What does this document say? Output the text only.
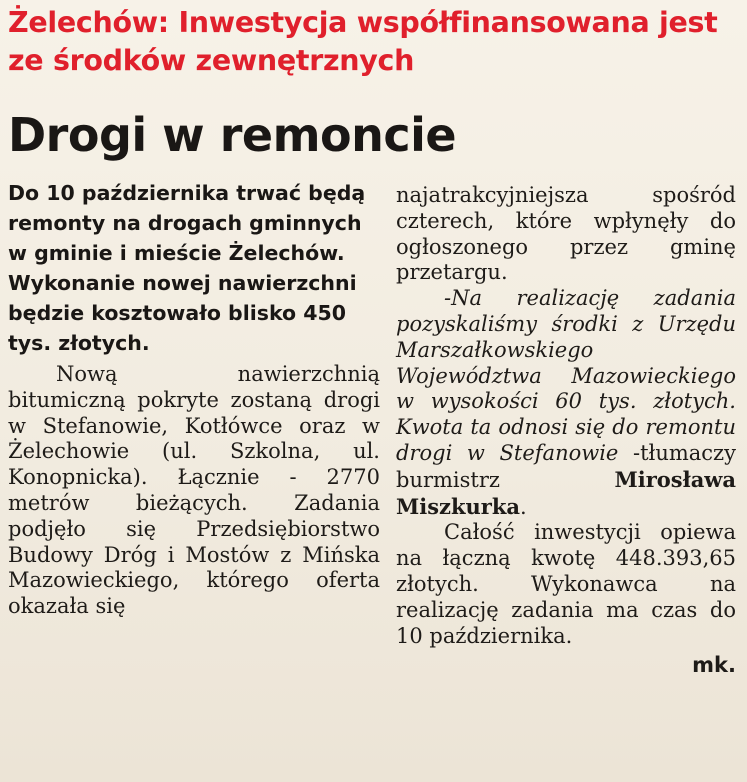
Żelechów: Inwestycja współfinansowana jest ze środków zewnętrznych
Drogi w remoncie

Do 10 października trwać będą remonty na drogach gminnych w gminie i mieście Żelechów. Wykonanie nowej nawierzchni będzie kosztowało blisko 450 tys. złotych.

Nową nawierzchnią bitumiczną pokryte zostaną drogi w Stefanowie, Kotłówce oraz w Żelechowie (ul. Szkolna, ul. Konopnicka). Łącznie - 2770 metrów bieżących. Zadania podjęło się Przedsiębiorstwo Budowy Dróg i Mostów z Mińska Mazowieckiego, którego oferta okazała się

najatrakcyjniejsza spośród czterech, które wpłynęły do ogłoszonego przez gminę przetargu.

-Na realizację zadania pozyskaliśmy środki z Urzędu Marszałkowskiego Województwa Mazowieckiego w wysokości 60 tys. złotych. Kwota ta odnosi się do remontu drogi w Stefanowie -tłumaczy burmistrz Mirosława Miszkurka.

Całość inwestycji opiewa na łączną kwotę 448.393,65 złotych. Wykonawca na realizację zadania ma czas do 10 października.

mk.
